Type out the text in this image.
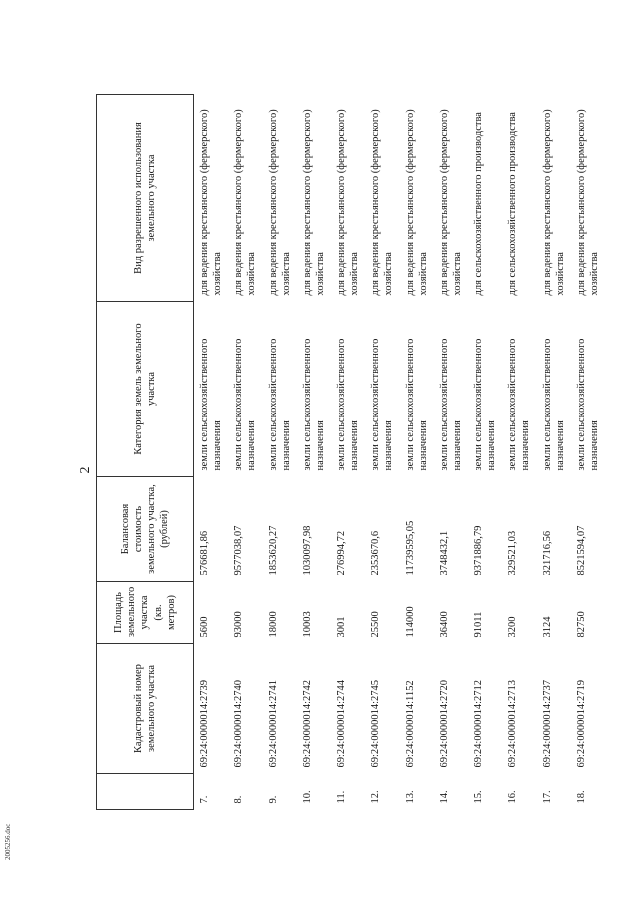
2
	Кадастровый номер земельного участка	Площадь земельного участка (кв. метров)	Балансовая стоимость земельного участка, (рублей)	Категория земель земельного участка	Вид разрешенного использования земельного участка
7.	69:24:0000014:2739	5600	576681,86	земли сельскохозяйственного назначения	для ведения крестьянского (фермерского) хозяйства
8.	69:24:0000014:2740	93000	9577038,07	земли сельскохозяйственного назначения	для ведения крестьянского (фермерского) хозяйства
9.	69:24:0000014:2741	18000	1853620,27	земли сельскохозяйственного назначения	для ведения крестьянского (фермерского) хозяйства
10.	69:24:0000014:2742	10003	1030097,98	земли сельскохозяйственного назначения	для ведения крестьянского (фермерского) хозяйства
11.	69:24:0000014:2744	3001	276994,72	земли сельскохозяйственного назначения	для ведения крестьянского (фермерского) хозяйства
12.	69:24:0000014:2745	25500	2353670,6	земли сельскохозяйственного назначения	для ведения крестьянского (фермерского) хозяйства
13.	69:24:0000014:1152	114000	11739595,05	земли сельскохозяйственного назначения	для ведения крестьянского (фермерского) хозяйства
14.	69:24:0000014:2720	36400	3748432,1	земли сельскохозяйственного назначения	для ведения крестьянского (фермерского) хозяйства
15.	69:24:0000014:2712	91011	9371886,79	земли сельскохозяйственного назначения	для сельскохозяйственного производства
16.	69:24:0000014:2713	3200	329521,03	земли сельскохозяйственного назначения	для сельскохозяйственного производства
17.	69:24:0000014:2737	3124	321716,56	земли сельскохозяйственного назначения	для ведения крестьянского (фермерского) хозяйства
18.	69:24:0000014:2719	82750	8521594,07	земли сельскохозяйственного назначения	для ведения крестьянского (фермерского) хозяйства
2005256.doc
